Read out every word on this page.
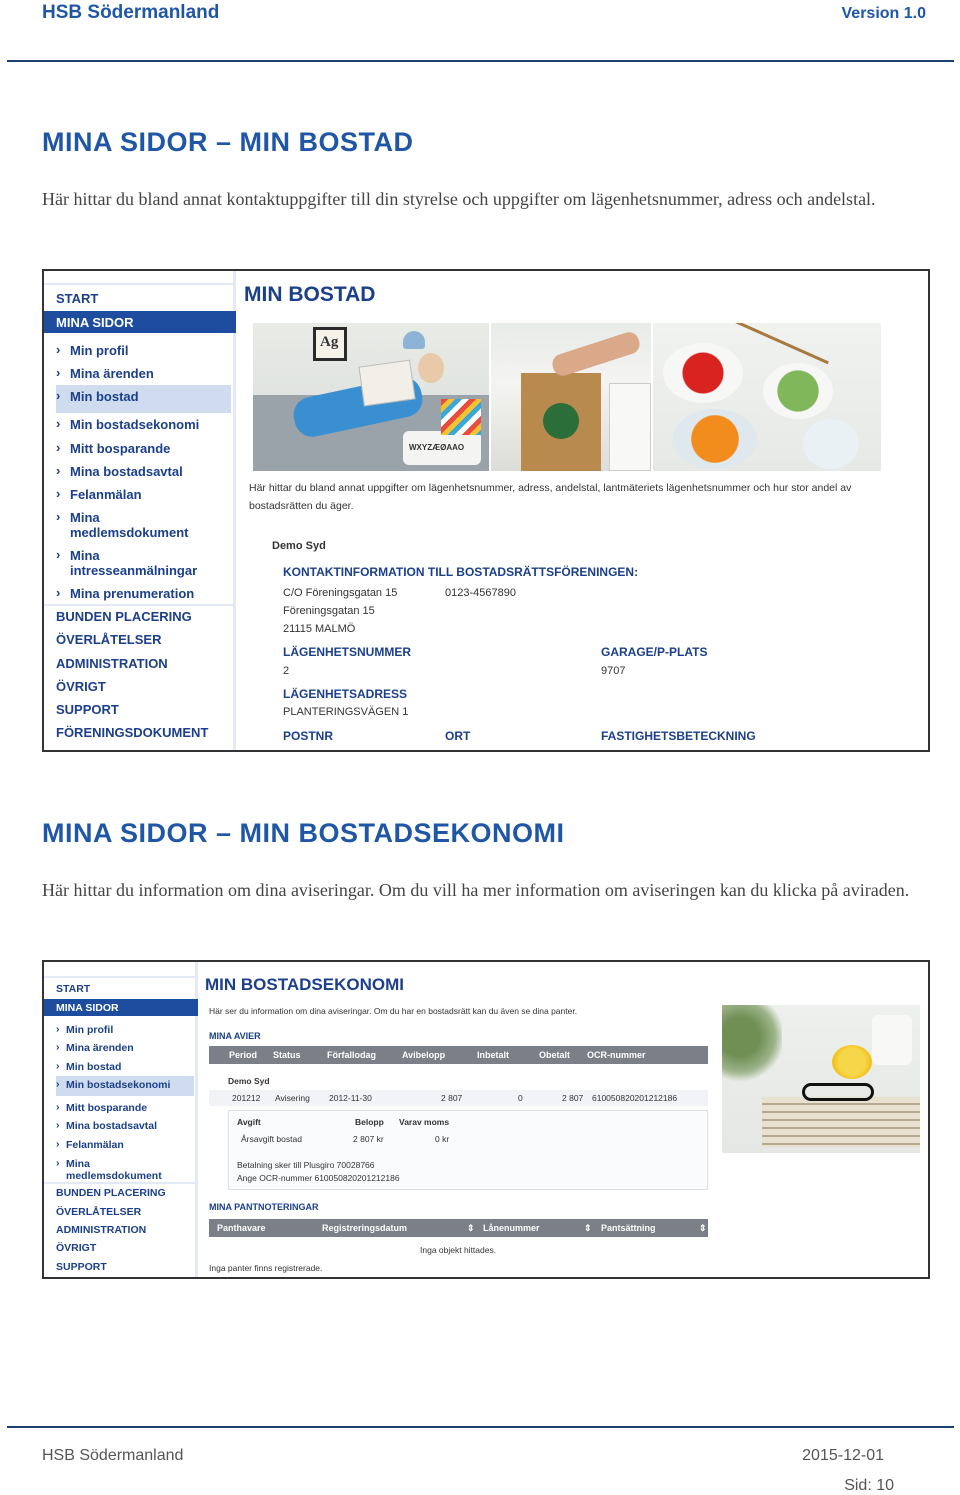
HSB Södermanland	Version 1.0
MINA SIDOR – MIN BOSTAD
Här hittar du bland annat kontaktuppgifter till din styrelse och uppgifter om lägenhetsnummer, adress och andelstal.
START
MINA SIDOR
› Min profil
› Mina ärenden
› Min bostad
› Min bostadsekonomi
› Mitt bosparande
› Mina bostadsavtal
› Felanmälan
› Mina
medlemsdokument
› Mina
intresseanmälningar
› Mina prenumeration
BUNDEN PLACERING
ÖVERLÅTELSER
ADMINISTRATION
ÖVRIGT
SUPPORT
FÖRENINGSDOKUMENT
MIN BOSTAD
Ag
WXYZÆØAAO
Här hittar du bland annat uppgifter om lägenhetsnummer, adress, andelstal, lantmäteriets lägenhetsnummer och hur stor andel av
bostadsrätten du äger.
Demo Syd
KONTAKTINFORMATION TILL BOSTADSRÄTTSFÖRENINGEN:
C/O Föreningsgatan 15	0123-4567890
Föreningsgatan 15
21115 MALMÖ
LÄGENHETSNUMMER
2
GARAGE/P-PLATS
9707
LÄGENHETSADRESS
PLANTERINGSVÄGEN 1
POSTNR	ORT	FASTIGHETSBETECKNING
MINA SIDOR – MIN BOSTADSEKONOMI
Här hittar du information om dina aviseringar. Om du vill ha mer information om aviseringen kan du klicka på aviraden.
START
MINA SIDOR
› Min profil
› Mina ärenden
› Min bostad
› Min bostadsekonomi
› Mitt bosparande
› Mina bostadsavtal
› Felanmälan
› Mina
medlemsdokument
BUNDEN PLACERING
ÖVERLÅTELSER
ADMINISTRATION
ÖVRIGT
SUPPORT
MIN BOSTADSEKONOMI
Här ser du information om dina aviseringar. Om du har en bostadsrätt kan du även se dina panter.
MINA AVIER
Period Status	Förfallodag	Avibelopp	Inbetalt	Obetalt OCR-nummer
Demo Syd
201212 Avisering 2012-11-30	2 807	0	2 807 610050820201212186
Avgift	Belopp Varav moms
Årsavgift bostad	2 807 kr	0 kr
Betalning sker till Plusgiro 70028766
Ange OCR-nummer 610050820201212186
MINA PANTNOTERINGAR
Panthavare	Registreringsdatum	⇕ Lånenummer	⇕ Pantsättning	⇕
Inga objekt hittades.
Inga panter finns registrerade.
HSB Södermanland	2015-12-01
Sid: 10
